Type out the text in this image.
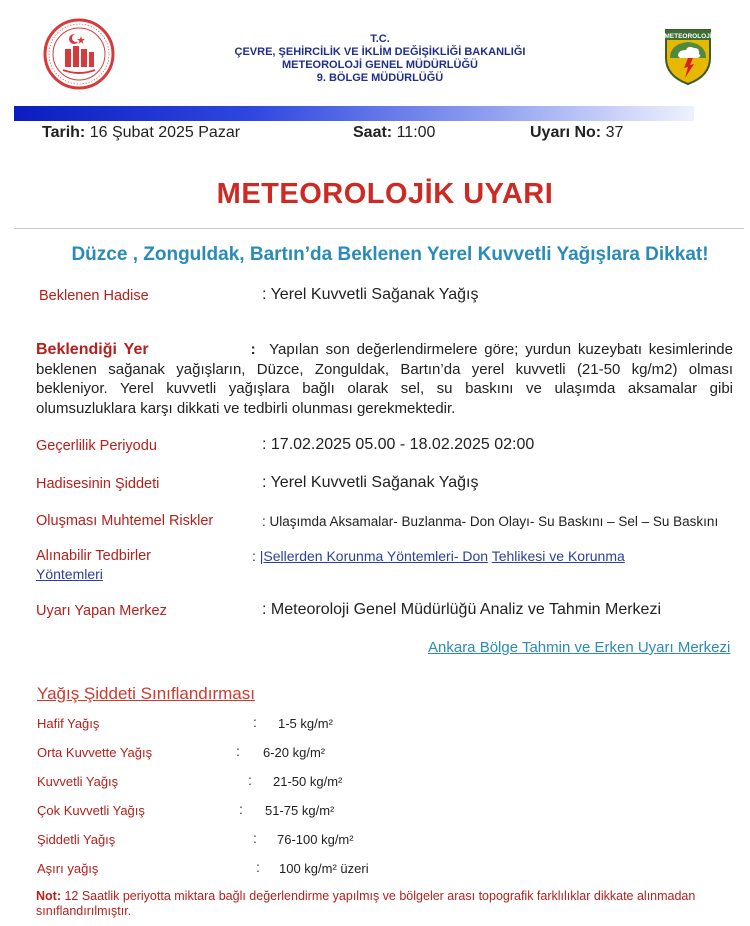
T.C.
ÇEVRE, ŞEHİRCİLİK VE İKLİM DEĞİŞİKLİĞİ BAKANLIĞI
METEOROLOJİ GENEL MÜDÜRLÜĞÜ
9. BÖLGE MÜDÜRLÜĞÜ
METEOROLOJİ
Tarih: 16 Şubat 2025 Pazar	Saat: 11:00	Uyarı No: 37
METEOROLOJİK UYARI
Düzce , Zonguldak, Bartın’da Beklenen Yerel Kuvvetli Yağışlara Dikkat!
Beklenen Hadise	: Yerel Kuvvetli Sağanak Yağış
Beklendiği Yer	: Yapılan son değerlendirmelere göre; yurdun kuzeybatı kesimlerinde beklenen sağanak yağışların, Düzce, Zonguldak, Bartın’da yerel kuvvetli (21-50 kg/m2) olması bekleniyor. Yerel kuvvetli yağışlara bağlı olarak sel, su baskını ve ulaşımda aksamalar gibi olumsuzluklara karşı dikkati ve tedbirli olunması gerekmektedir.
Geçerlilik Periyodu	: 17.02.2025 05.00 - 18.02.2025 02:00
Hadisesinin Şiddeti	: Yerel Kuvvetli Sağanak Yağış
Oluşması Muhtemel Riskler	: Ulaşımda Aksamalar- Buzlanma- Don Olayı- Su Baskını – Sel – Su Baskını
Alınabilir Tedbirler	: |Sellerden Korunma Yöntemleri- Don Tehlikesi ve Korunma
Yöntemleri
Uyarı Yapan Merkez	: Meteoroloji Genel Müdürlüğü Analiz ve Tahmin Merkezi
Ankara Bölge Tahmin ve Erken Uyarı Merkezi
Yağış Şiddeti Sınıflandırması
Hafif Yağış	: 1-5 kg/m²
Orta Kuvvette Yağış	: 6-20 kg/m²
Kuvvetli Yağış	: 21-50 kg/m²
Çok Kuvvetli Yağış	: 51-75 kg/m²
Şiddetli Yağış	: 76-100 kg/m²
Aşırı yağış	: 100 kg/m² üzeri
Not: 12 Saatlik periyotta miktara bağlı değerlendirme yapılmış ve bölgeler arası topografik farklılıklar dikkate alınmadan sınıflandırılmıştır.
